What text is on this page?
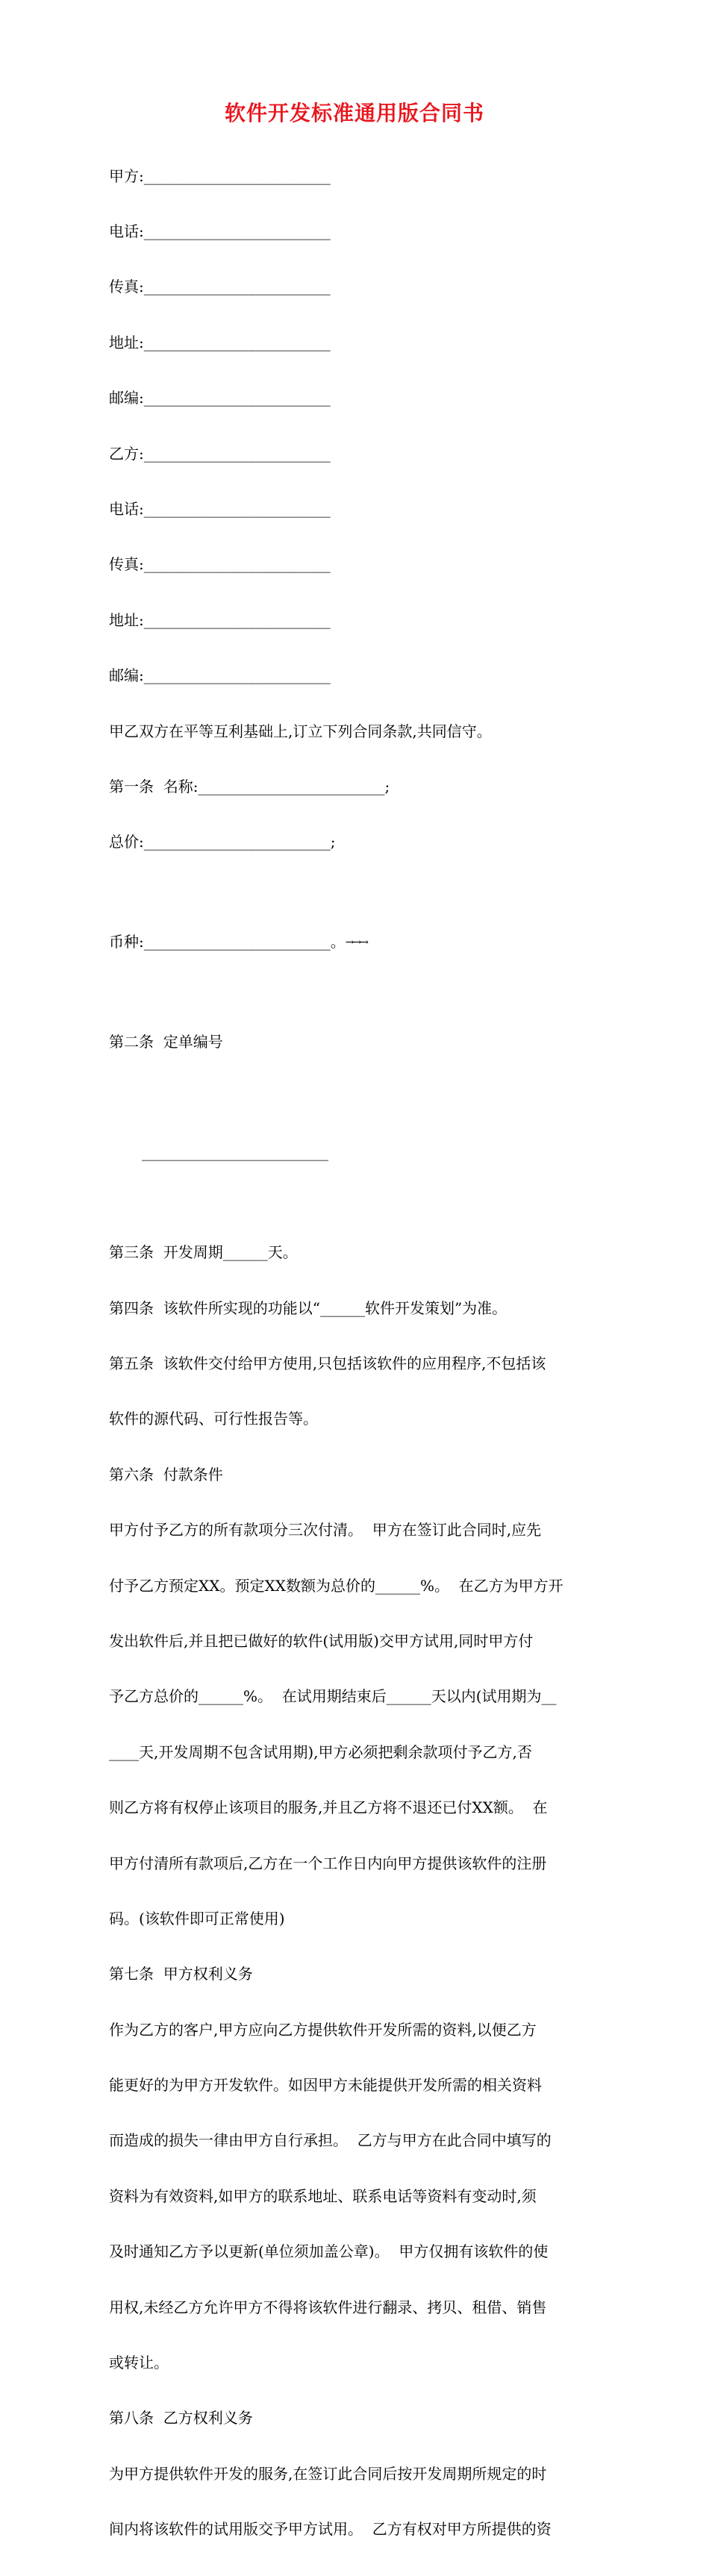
软件开发标准通用版合同书

甲方:_________________________

电话:_________________________

传真:_________________________

地址:_________________________

邮编:_________________________

乙方:_________________________

电话:_________________________

传真:_________________________

地址:_________________________

邮编:_________________________

甲乙双方在平等互利基础上,订立下列合同条款,共同信守。

第一条  名称:_________________________;

总价:_________________________;

币种:_________________________。→→→

第二条  定单编号

_________________________

第三条  开发周期______天。

第四条  该软件所实现的功能以“______软件开发策划”为准。

第五条  该软件交付给甲方使用,只包括该软件的应用程序,不包括该

软件的源代码、可行性报告等。

第六条  付款条件

甲方付予乙方的所有款项分三次付清。  甲方在签订此合同时,应先

付予乙方预定XX。预定XX数额为总价的______%。  在乙方为甲方开

发出软件后,并且把已做好的软件(试用版)交甲方试用,同时甲方付

予乙方总价的______%。  在试用期结束后______天以内(试用期为__

____天,开发周期不包含试用期),甲方必须把剩余款项付予乙方,否

则乙方将有权停止该项目的服务,并且乙方将不退还已付XX额。  在

甲方付清所有款项后,乙方在一个工作日内向甲方提供该软件的注册

码。(该软件即可正常使用)

第七条  甲方权利义务

作为乙方的客户,甲方应向乙方提供软件开发所需的资料,以便乙方

能更好的为甲方开发软件。如因甲方未能提供开发所需的相关资料

而造成的损失一律由甲方自行承担。  乙方与甲方在此合同中填写的

资料为有效资料,如甲方的联系地址、联系电话等资料有变动时,须

及时通知乙方予以更新(单位须加盖公章)。  甲方仅拥有该软件的使

用权,未经乙方允许甲方不得将该软件进行翻录、拷贝、租借、销售

或转让。

第八条  乙方权利义务

为甲方提供软件开发的服务,在签订此合同后按开发周期所规定的时

间内将该软件的试用版交予甲方试用。  乙方有权对甲方所提供的资
